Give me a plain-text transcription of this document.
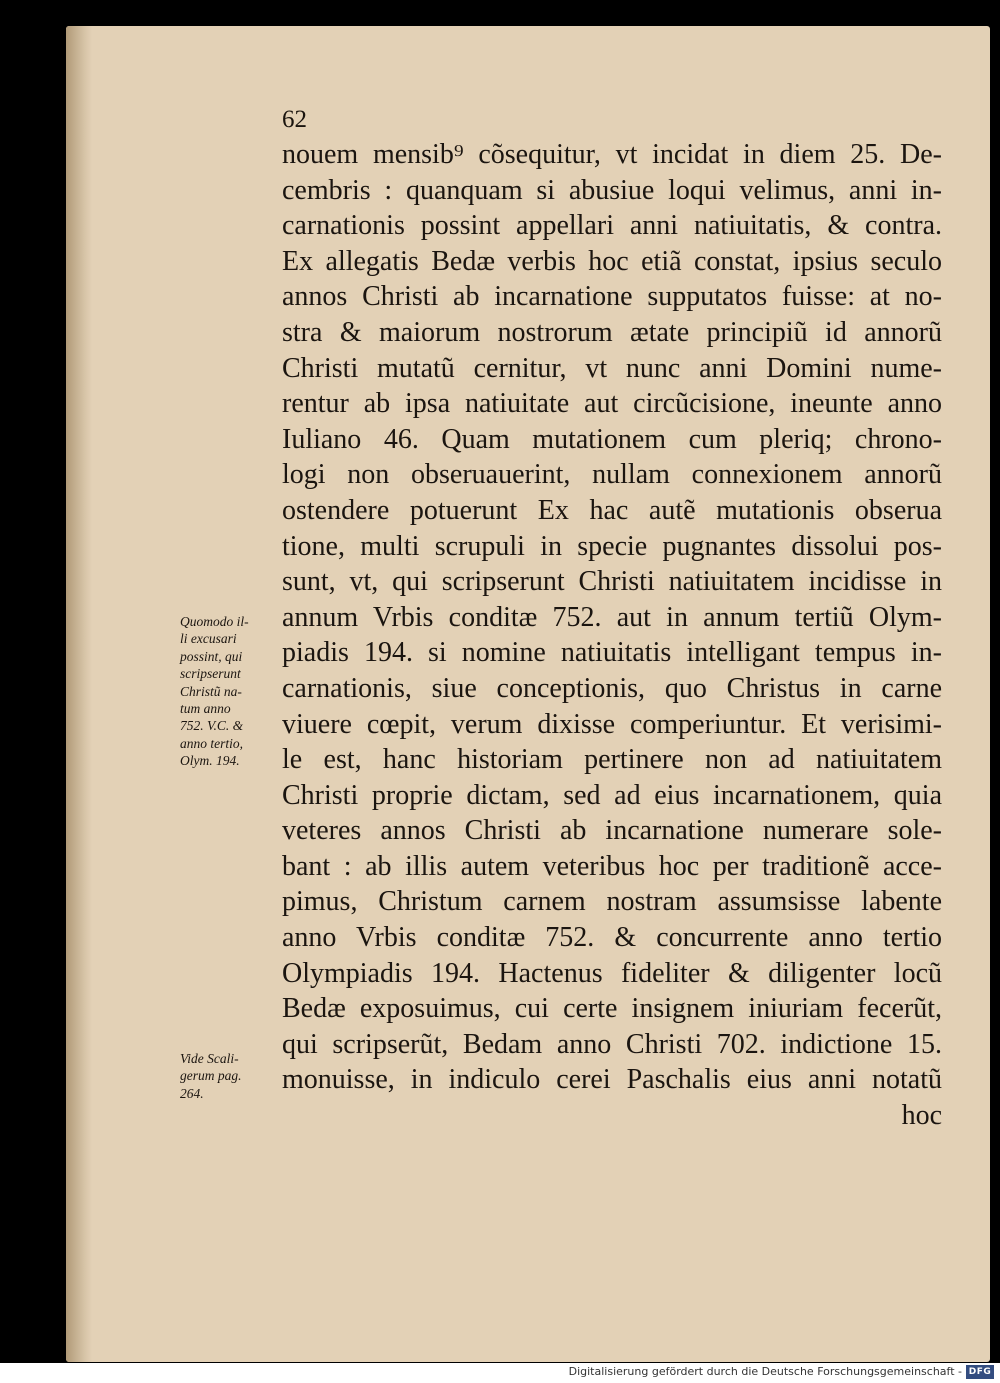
62
nouem mensib⁹ cõsequitur, vt incidat in diem 25. De-
cembris : quanquam si abusiue loqui velimus, anni in-
carnationis possint appellari anni natiuitatis, & contra.
Ex allegatis Bedæ verbis hoc etiã constat, ipsius seculo
annos Christi ab incarnatione supputatos fuisse: at no-
stra & maiorum nostrorum ætate principiũ id annorũ
Christi mutatũ cernitur, vt nunc anni Domini nume-
rentur ab ipsa natiuitate aut circũcisione, ineunte anno
Iuliano 46. Quam mutationem cum pleriq; chrono-
logi non obseruauerint, nullam connexionem annorũ
ostendere potuerunt Ex hac autẽ mutationis obserua
tione, multi scrupuli in specie pugnantes dissolui pos-
sunt, vt, qui scripserunt Christi natiuitatem incidisse in
annum Vrbis conditæ 752. aut in annum tertiũ Olym-
piadis 194. si nomine natiuitatis intelligant tempus in-
carnationis, siue conceptionis, quo Christus in carne
viuere cœpit, verum dixisse comperiuntur. Et verisimi-
le est, hanc historiam pertinere non ad natiuitatem
Christi proprie dictam, sed ad eius incarnationem, quia
veteres annos Christi ab incarnatione numerare sole-
bant : ab illis autem veteribus hoc per traditionẽ acce-
pimus, Christum carnem nostram assumsisse labente
anno Vrbis conditæ 752. & concurrente anno tertio
Olympiadis 194. Hactenus fideliter & diligenter locũ
Bedæ exposuimus, cui certe insignem iniuriam fecerũt,
qui scripserũt, Bedam anno Christi 702. indictione 15.
monuisse, in indiculo cerei Paschalis eius anni notatũ
hoc
Quomodo il-
li excusari
possint, qui
scripserunt
Christũ na-
tum anno
752. V.C. &
anno tertio,
Olym. 194.
Vide Scali-
gerum pag.
264.
Digitalisierung gefördert durch die Deutsche Forschungsgemeinschaft - DFG
